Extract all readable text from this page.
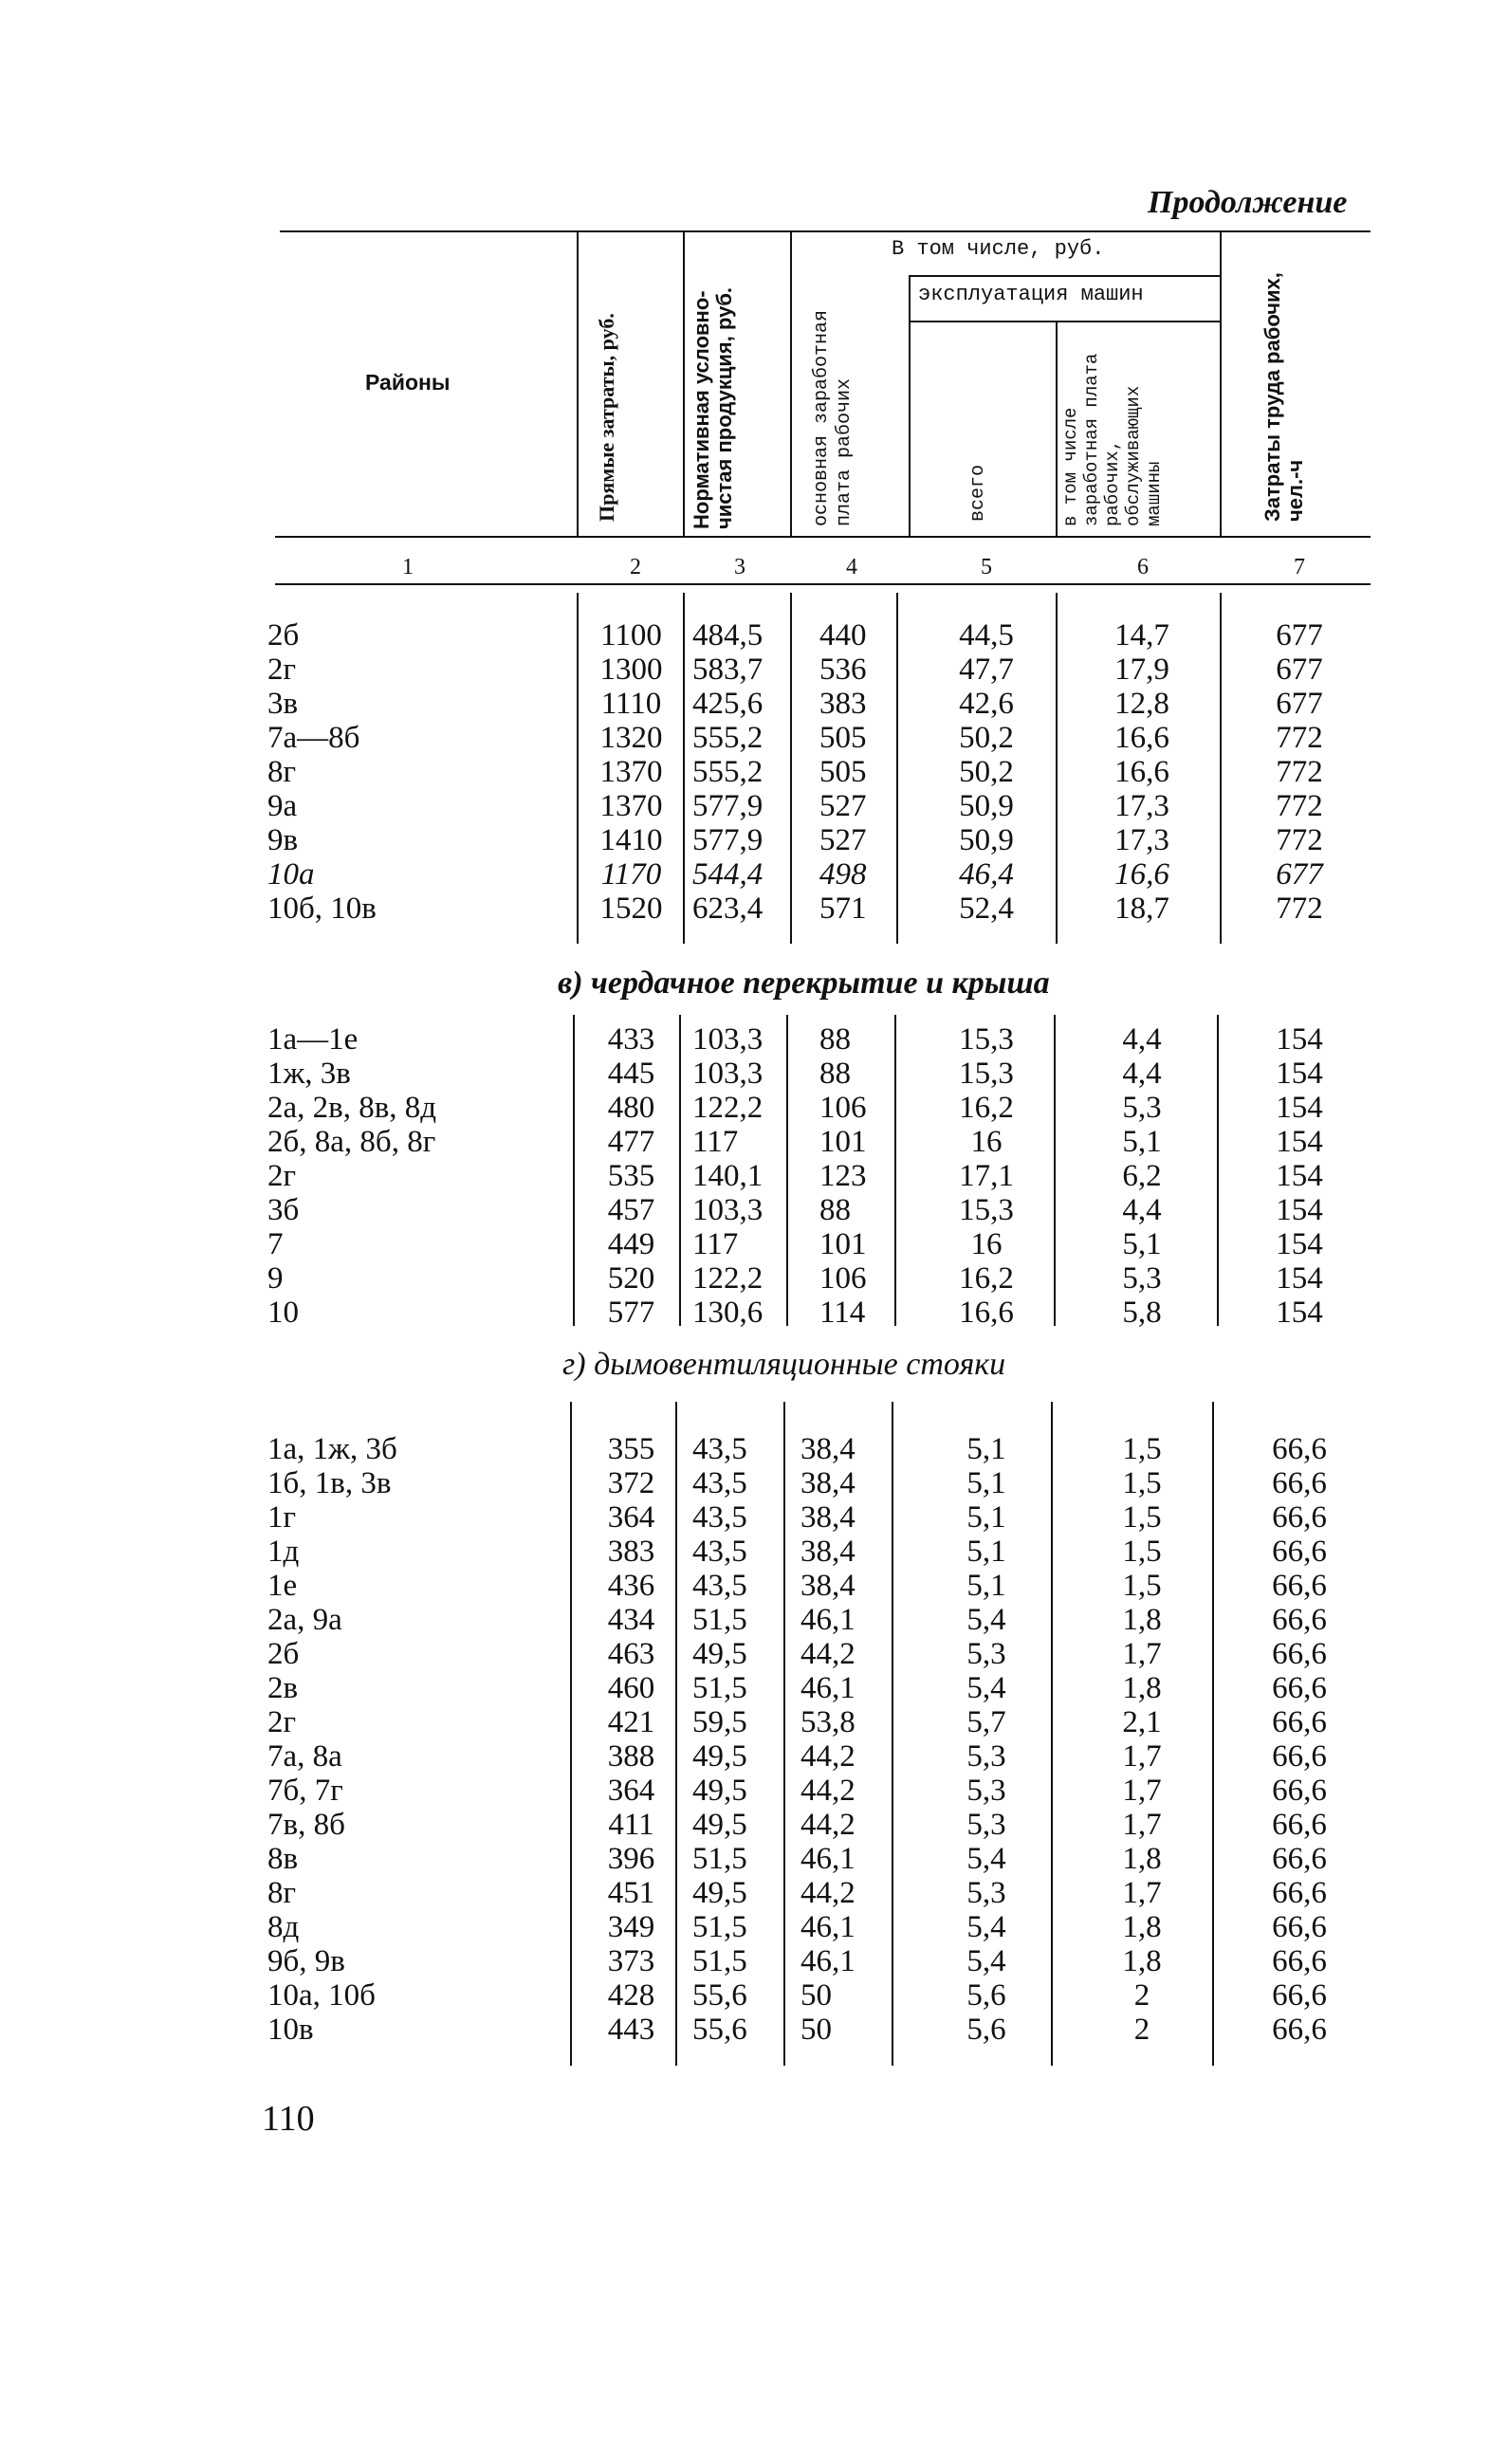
Продолжение
Районы	Прямые затраты, руб.	Нормативная условно-чистая продукция, руб.
В том числе, руб.
основная заработная плата рабочих
эксплуатация машин
всего	в том числе заработная плата рабочих, обслуживающих машины	Затраты труда рабочих, чел.-ч
1	2	3	4	5	6	7
2б	1100 484,5	440	44,5	14,7	677
2г	1300 583,7	536	47,7	17,9	677
3в	1110 425,6	383	42,6	12,8	677
7а—8б	1320 555,2	505	50,2	16,6	772
8г	1370 555,2	505	50,2	16,6	772
9а	1370 577,9	527	50,9	17,3	772
9в	1410 577,9	527	50,9	17,3	772
10а	1170 544,4	498	46,4	16,6	677
10б, 10в	1520 623,4	571	52,4	18,7	772
в) чердачное перекрытие и крыша
1а—1е	433	103,3	88	15,3	4,4	154
1ж, 3в	445	103,3	88	15,3	4,4	154
2а, 2в, 8в, 8д	480	122,2	106	16,2	5,3	154
2б, 8а, 8б, 8г	477	117	101	16	5,1	154
2г	535	140,1	123	17,1	6,2	154
3б	457	103,3	88	15,3	4,4	154
7	449	117	101	16	5,1	154
9	520	122,2	106	16,2	5,3	154
10	577	130,6	114	16,6	5,8	154
г) дымовентиляционные стояки
1а, 1ж, 3б	355	43,5	38,4	5,1	1,5	66,6
1б, 1в, 3в	372	43,5	38,4	5,1	1,5	66,6
1г	364	43,5	38,4	5,1	1,5	66,6
1д	383	43,5	38,4	5,1	1,5	66,6
1е	436	43,5	38,4	5,1	1,5	66,6
2а, 9а	434	51,5	46,1	5,4	1,8	66,6
2б	463	49,5	44,2	5,3	1,7	66,6
2в	460	51,5	46,1	5,4	1,8	66,6
2г	421	59,5	53,8	5,7	2,1	66,6
7а, 8а	388	49,5	44,2	5,3	1,7	66,6
7б, 7г	364	49,5	44,2	5,3	1,7	66,6
7в, 8б	411	49,5	44,2	5,3	1,7	66,6
8в	396	51,5	46,1	5,4	1,8	66,6
8г	451	49,5	44,2	5,3	1,7	66,6
8д	349	51,5	46,1	5,4	1,8	66,6
9б, 9в	373	51,5	46,1	5,4	1,8	66,6
10а, 10б	428	55,6	50	5,6	2	66,6
10в	443	55,6	50	5,6	2	66,6
110
